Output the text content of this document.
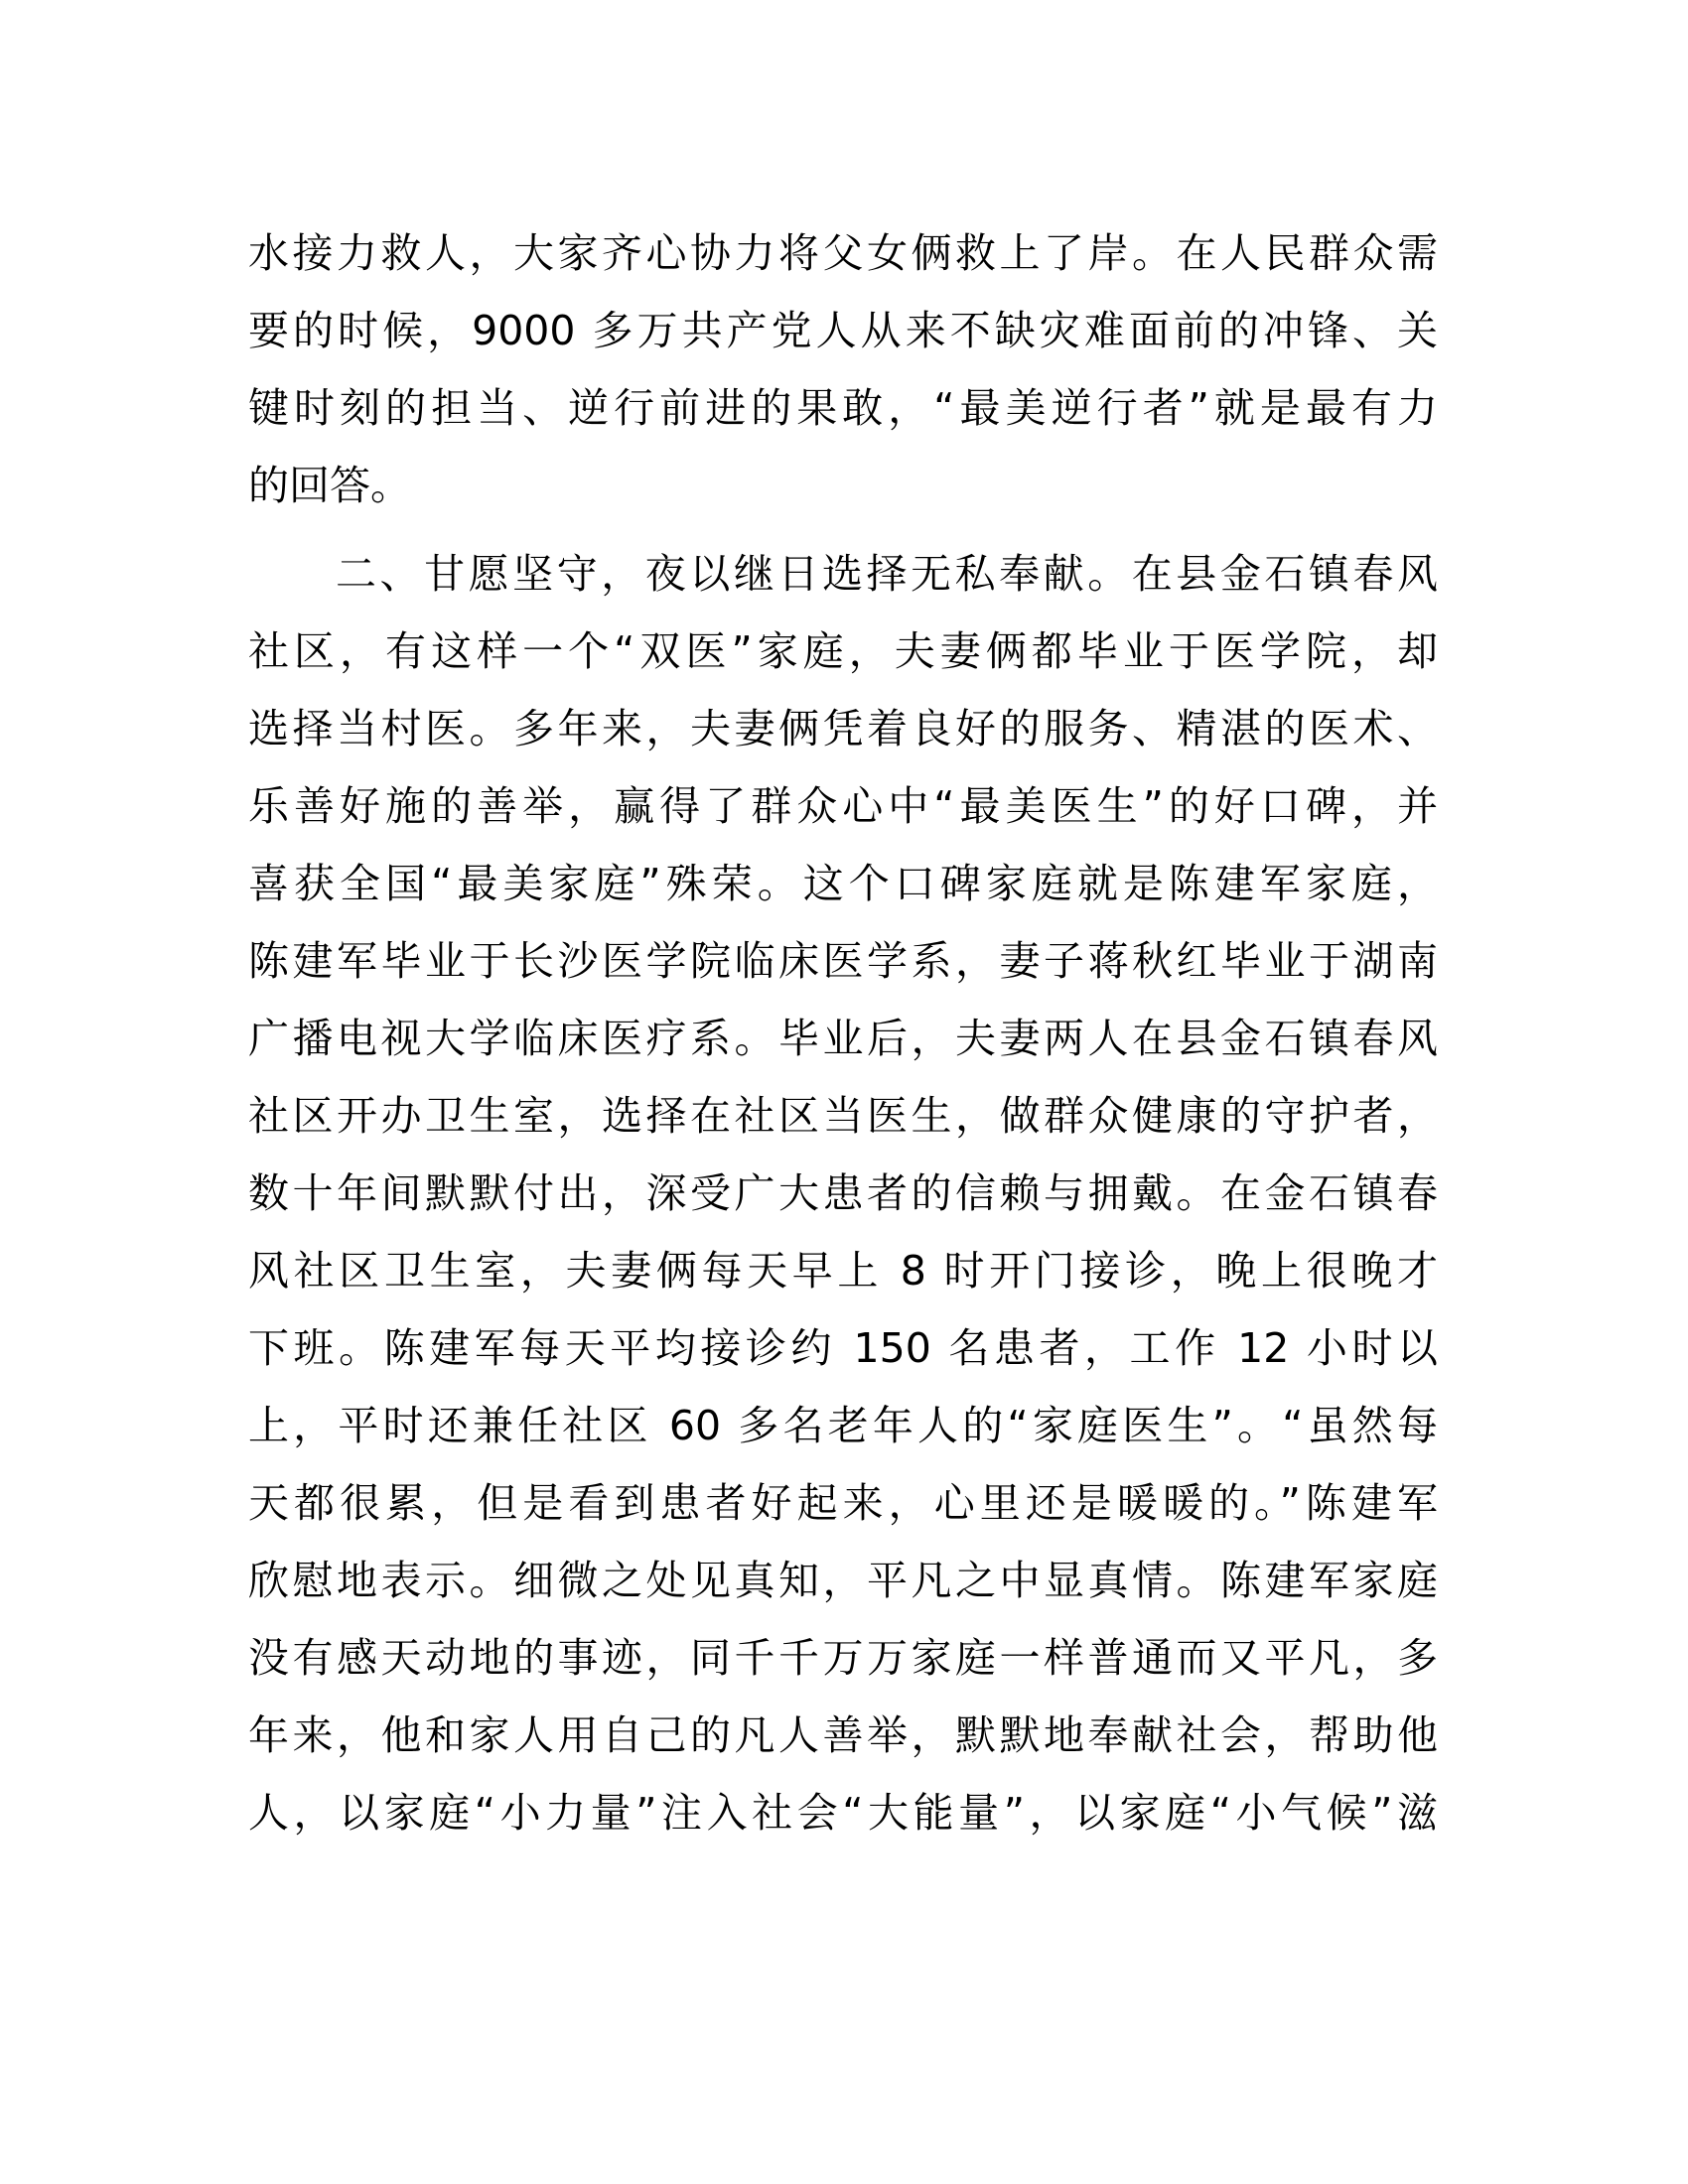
水接力救人，大家齐心协力将父女俩救上了岸。在人民群众需
要的时候，9000 多万共产党人从来不缺灾难面前的冲锋、关
键时刻的担当、逆行前进的果敢，“最美逆行者”就是最有力
的回答。

二、甘愿坚守，夜以继日选择无私奉献。在县金石镇春风
社区，有这样一个“双医”家庭，夫妻俩都毕业于医学院，却
选择当村医。多年来，夫妻俩凭着良好的服务、精湛的医术、
乐善好施的善举，赢得了群众心中“最美医生”的好口碑，并
喜获全国“最美家庭”殊荣。这个口碑家庭就是陈建军家庭，
陈建军毕业于长沙医学院临床医学系，妻子蒋秋红毕业于湖南
广播电视大学临床医疗系。毕业后，夫妻两人在县金石镇春风
社区开办卫生室，选择在社区当医生，做群众健康的守护者，
数十年间默默付出，深受广大患者的信赖与拥戴。在金石镇春
风社区卫生室，夫妻俩每天早上 8 时开门接诊，晚上很晚才
下班。陈建军每天平均接诊约 150 名患者，工作 12 小时以
上，平时还兼任社区 60 多名老年人的“家庭医生”。“虽然每
天都很累，但是看到患者好起来，心里还是暖暖的。”陈建军
欣慰地表示。细微之处见真知，平凡之中显真情。陈建军家庭
没有感天动地的事迹，同千千万万家庭一样普通而又平凡，多
年来，他和家人用自己的凡人善举，默默地奉献社会，帮助他
人，以家庭“小力量”注入社会“大能量”，以家庭“小气候”滋
